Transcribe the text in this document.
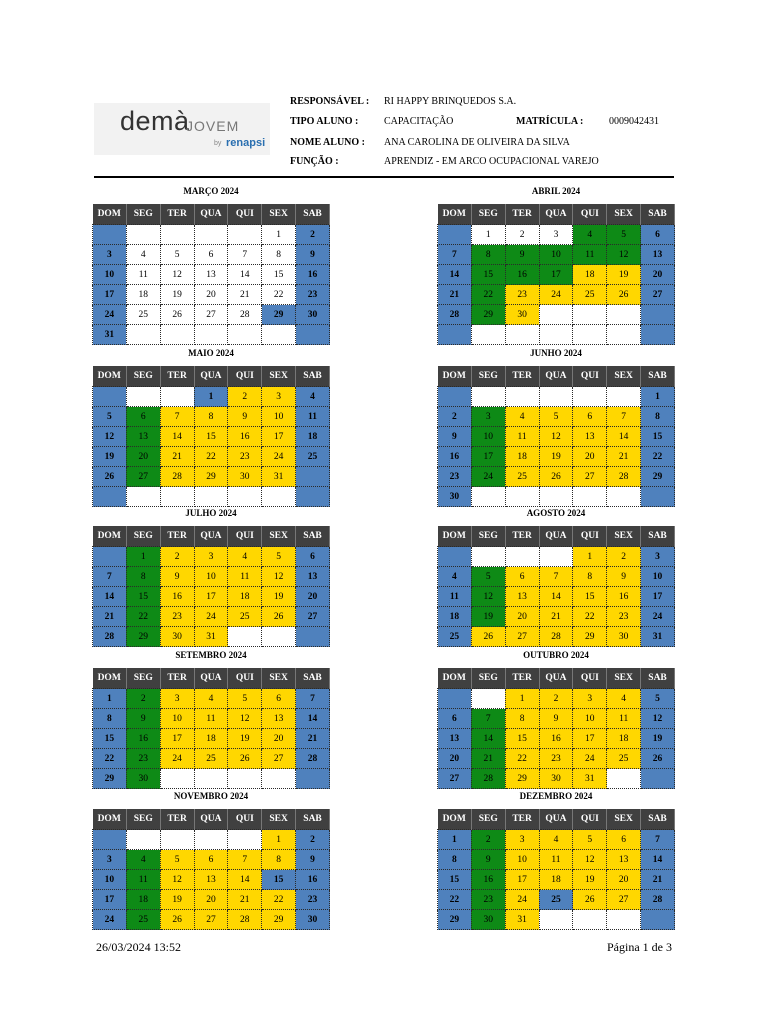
demà
JOVEM
by renapsi
RESPONSÁVEL : RI HAPPY BRINQUEDOS S.A.
TIPO ALUNO :	CAPACITAÇÃO	MATRÍCULA :	0009042431
NOME ALUNO : ANA CAROLINA DE OLIVEIRA DA SILVA
FUNÇÃO :	APRENDIZ - EM ARCO OCUPACIONAL VAREJO
MARÇO 2024
DOM	SEG	TER	QUA	QUI	SEX	SAB
					1	2
3	4	5	6	7	8	9
10	11	12	13	14	15	16
17	18	19	20	21	22	23
24	25	26	27	28	29	30
31						
ABRIL 2024
DOM	SEG	TER	QUA	QUI	SEX	SAB
	1	2	3	4	5	6
7	8	9	10	11	12	13
14	15	16	17	18	19	20
21	22	23	24	25	26	27
28	29	30				

MAIO 2024
DOM	SEG	TER	QUA	QUI	SEX	SAB
			1	2	3	4
5	6	7	8	9	10	11
12	13	14	15	16	17	18
19	20	21	22	23	24	25
26	27	28	29	30	31	

JUNHO 2024
DOM	SEG	TER	QUA	QUI	SEX	SAB
						1
2	3	4	5	6	7	8
9	10	11	12	13	14	15
16	17	18	19	20	21	22
23	24	25	26	27	28	29
30						
JULHO 2024
DOM	SEG	TER	QUA	QUI	SEX	SAB
	1	2	3	4	5	6
7	8	9	10	11	12	13
14	15	16	17	18	19	20
21	22	23	24	25	26	27
28	29	30	31			
AGOSTO 2024
DOM	SEG	TER	QUA	QUI	SEX	SAB
				1	2	3
4	5	6	7	8	9	10
11	12	13	14	15	16	17
18	19	20	21	22	23	24
25	26	27	28	29	30	31
SETEMBRO 2024
DOM	SEG	TER	QUA	QUI	SEX	SAB
1	2	3	4	5	6	7
8	9	10	11	12	13	14
15	16	17	18	19	20	21
22	23	24	25	26	27	28
29	30					
OUTUBRO 2024
DOM	SEG	TER	QUA	QUI	SEX	SAB
		1	2	3	4	5
6	7	8	9	10	11	12
13	14	15	16	17	18	19
20	21	22	23	24	25	26
27	28	29	30	31		
NOVEMBRO 2024
DOM	SEG	TER	QUA	QUI	SEX	SAB
					1	2
3	4	5	6	7	8	9
10	11	12	13	14	15	16
17	18	19	20	21	22	23
24	25	26	27	28	29	30
DEZEMBRO 2024
DOM	SEG	TER	QUA	QUI	SEX	SAB
1	2	3	4	5	6	7
8	9	10	11	12	13	14
15	16	17	18	19	20	21
22	23	24	25	26	27	28
29	30	31				
26/03/2024 13:52	Página 1 de 3
